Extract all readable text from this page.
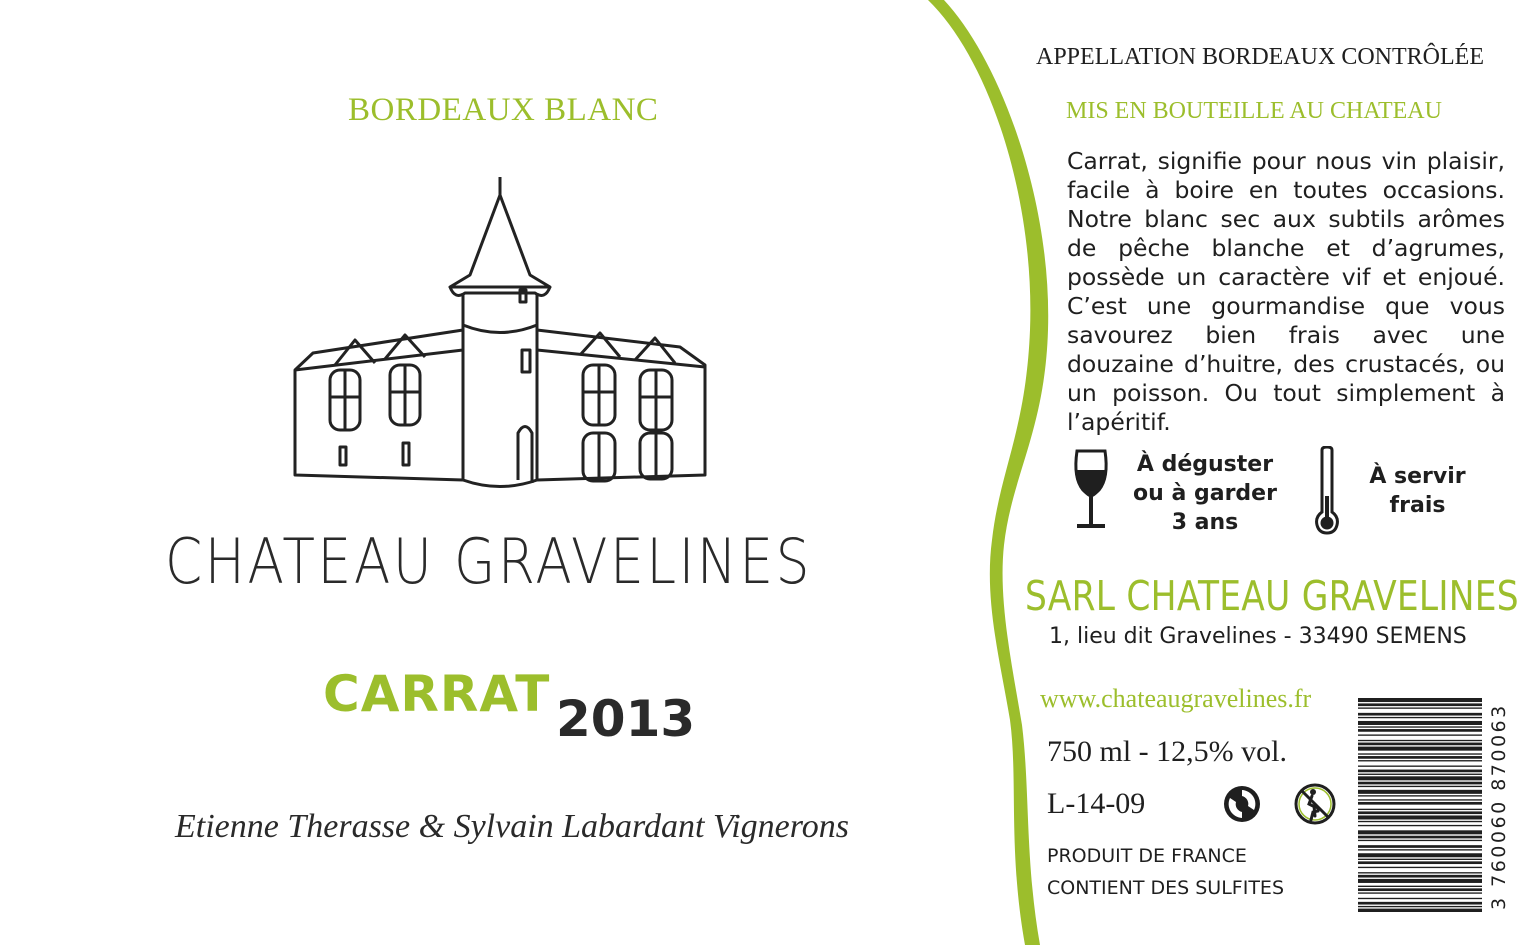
BORDEAUX BLANC
CHATEAU GRAVELINES
CARRAT 2013
Etienne Therasse & Sylvain Labardant Vignerons
APPELLATION BORDEAUX CONTRÔLÉE
MIS EN BOUTEILLE AU CHATEAU
Carrat, signifie pour nous vin plaisir, facile à boire en toutes occasions. Notre blanc sec aux subtils arômes de pêche blanche et d’agrumes, possède un caractère vif et enjoué. C’est une gourmandise que vous savourez bien frais avec une douzaine d’huitre, des crustacés, ou un poisson. Ou tout simplement à l’apéritif.
À déguster
ou à garder
3 ans
À servir
frais
SARL CHATEAU GRAVELINES
1, lieu dit Gravelines - 33490 SEMENS
www.chateaugravelines.fr
750 ml - 12,5% vol.
L-14-09
PRODUIT DE FRANCE
CONTIENT DES SULFITES	3 760060 870063
